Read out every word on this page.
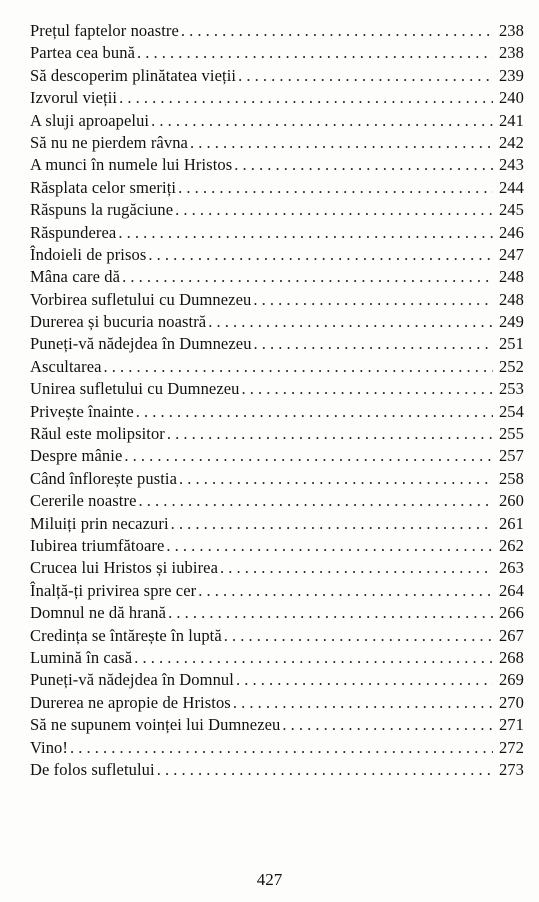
Prețul faptelor noastre . . .	238
Partea cea bună . . .	238
Să descoperim plinătatea vieții . . .	239
Izvorul vieții . . .	240
A sluji aproapelui . . .	241
Să nu ne pierdem râvna . . .	242
A munci în numele lui Hristos . . .	243
Răsplata celor smeriți . . .	244
Răspuns la rugăciune . . .	245
Răspunderea . . .	246
Îndoieli de prisos . . .	247
Mâna care dă . . .	248
Vorbirea sufletului cu Dumnezeu . . .	248
Durerea și bucuria noastră . . .	249
Puneți-vă nădejdea în Dumnezeu . . .	251
Ascultarea . . .	252
Unirea sufletului cu Dumnezeu . . .	253
Privește înainte . . .	254
Răul este molipsitor . . .	255
Despre mânie . . .	257
Când înflorește pustia . . .	258
Cererile noastre . . .	260
Miluiți prin necazuri . . .	261
Iubirea triumfătoare . . .	262
Crucea lui Hristos și iubirea . . .	263
Înalță-ți privirea spre cer . . .	264
Domnul ne dă hrană . . .	266
Credința se întărește în luptă . . .	267
Lumină în casă . . .	268
Puneți-vă nădejdea în Domnul . . .	269
Durerea ne apropie de Hristos . . .	270
Să ne supunem voinței lui Dumnezeu . . .	271
Vino! . . .	272
De folos sufletului . . .	273
427
